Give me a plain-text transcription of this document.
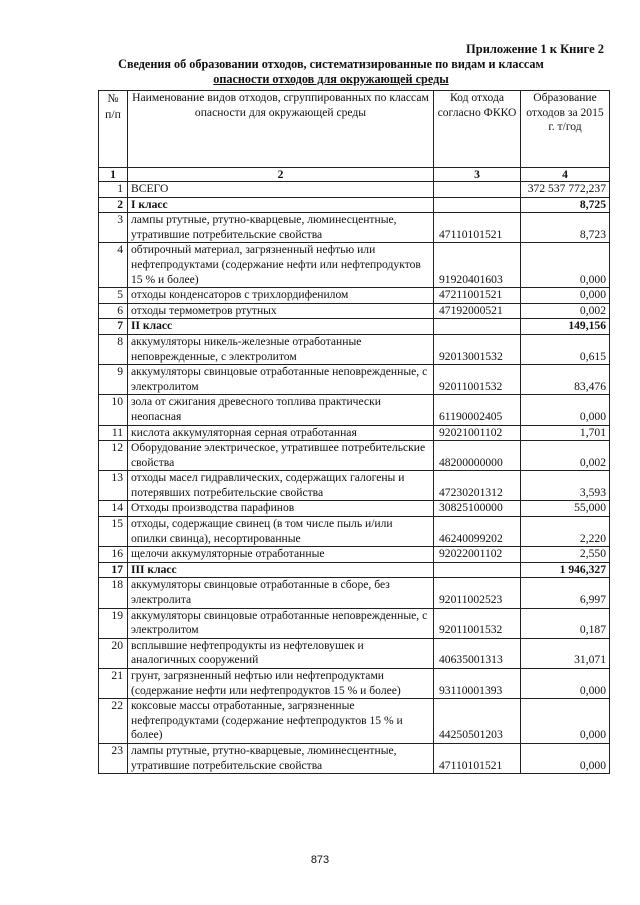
Приложение 1 к Книге 2
Сведения об образовании отходов, систематизированные по видам и классам
опасности отходов для окружающей среды
№ п/п	Наименование видов отходов, сгруппированных по классам опасности для окружающей среды	Код отхода согласно ФККО	Образование отходов за 2015 г. т/год
1	2	3	4
1	ВСЕГО		372 537 772,237
2	I класс		8,725
3	лампы ртутные, ртутно-кварцевые, люминесцентные, утратившие потребительские свойства	47110101521	8,723
4	обтирочный материал, загрязненный нефтью или нефтепродуктами (содержание нефти или нефтепродуктов 15 % и более)	91920401603	0,000
5	отходы конденсаторов с трихлордифенилом	47211001521	0,000
6	отходы термометров ртутных	47192000521	0,002
7	II класс		149,156
8	аккумуляторы никель-железные отработанные неповрежденные, с электролитом	92013001532	0,615
9	аккумуляторы свинцовые отработанные неповрежденные, с электролитом	92011001532	83,476
10	зола от сжигания древесного топлива практически неопасная	61190002405	0,000
11	кислота аккумуляторная серная отработанная	92021001102	1,701
12	Оборудование электрическое, утратившее потребительские свойства	48200000000	0,002
13	отходы масел гидравлических, содержащих галогены и потерявших потребительские свойства	47230201312	3,593
14	Отходы производства парафинов	30825100000	55,000
15	отходы, содержащие свинец (в том числе пыль и/или опилки свинца), несортированные	46240099202	2,220
16	щелочи аккумуляторные отработанные	92022001102	2,550
17	III класс		1 946,327
18	аккумуляторы свинцовые отработанные в сборе, без электролита	92011002523	6,997
19	аккумуляторы свинцовые отработанные неповрежденные, с электролитом	92011001532	0,187
20	всплывшие нефтепродукты из нефтеловушек и аналогичных сооружений	40635001313	31,071
21	грунт, загрязненный нефтью или нефтепродуктами (содержание нефти или нефтепродуктов 15 % и более)	93110001393	0,000
22	коксовые массы отработанные, загрязненные нефтепродуктами (содержание нефтепродуктов 15 % и более)	44250501203	0,000
23	лампы ртутные, ртутно-кварцевые, люминесцентные, утратившие потребительские свойства	47110101521	0,000
873
